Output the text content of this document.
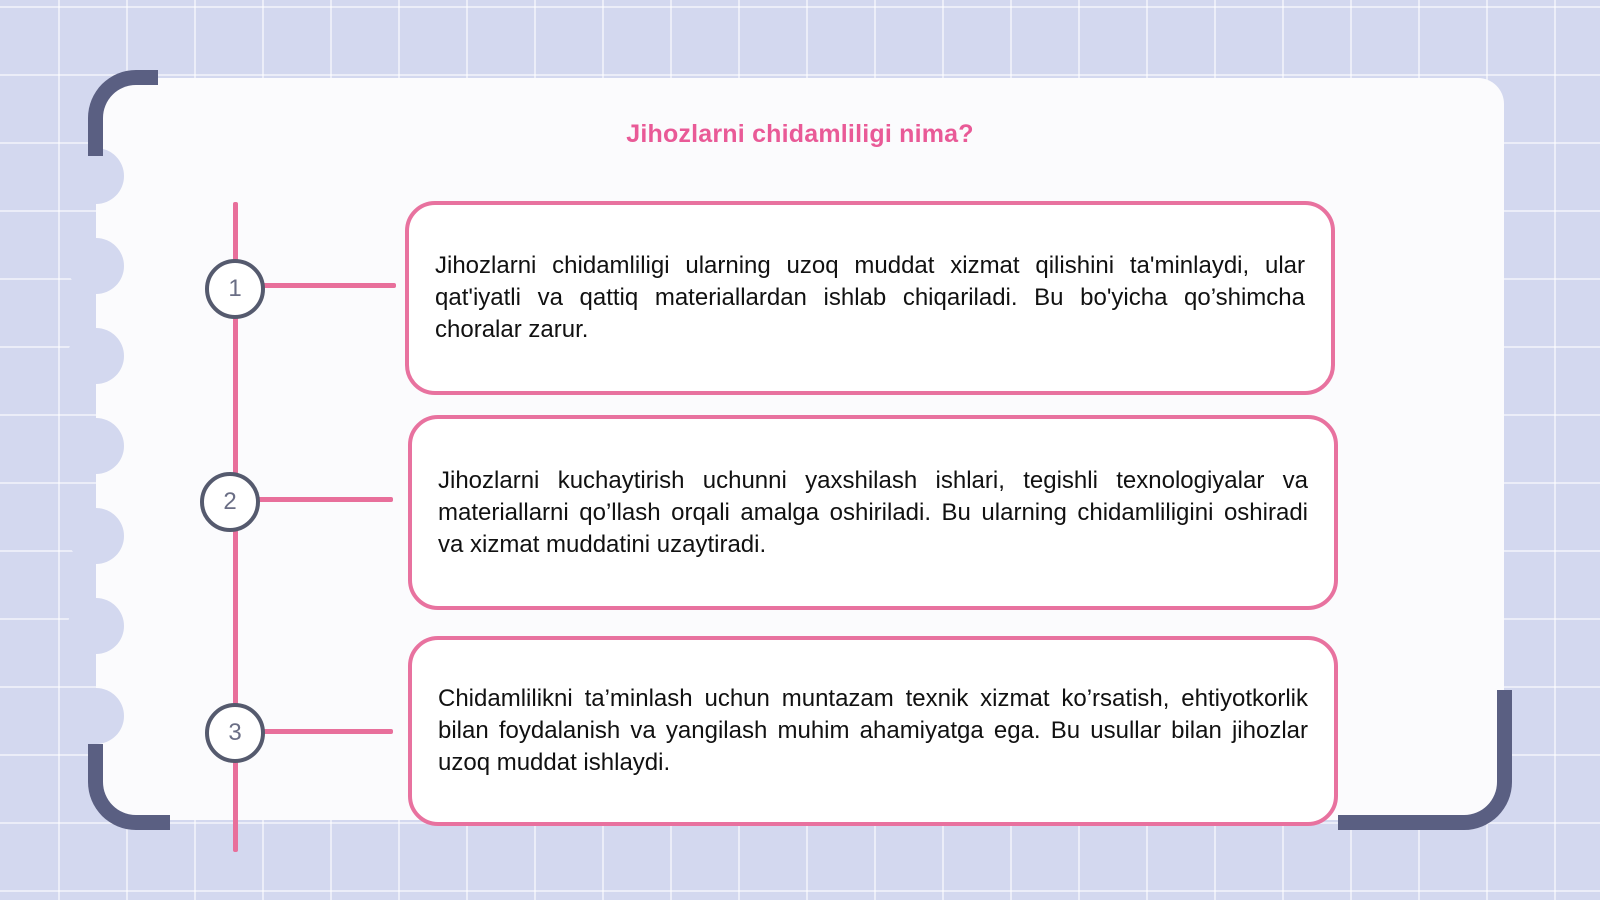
Jihozlarni chidamliligi nima?
1

Jihozlarni chidamliligi ularning uzoq muddat xizmat qilishini ta'minlaydi, ular qat'iyatli va qattiq materiallardan ishlab chiqariladi. Bu bo'yicha qo’shimcha choralar zarur.

2

Jihozlarni kuchaytirish uchunni yaxshilash ishlari, tegishli texnologiyalar va materiallarni qo’llash orqali amalga oshiriladi. Bu ularning chidamliligini oshiradi va xizmat muddatini uzaytiradi.

3

Chidamlilikni ta’minlash uchun muntazam texnik xizmat ko’rsatish, ehtiyotkorlik bilan foydalanish va yangilash muhim ahamiyatga ega. Bu usullar bilan jihozlar uzoq muddat ishlaydi.
